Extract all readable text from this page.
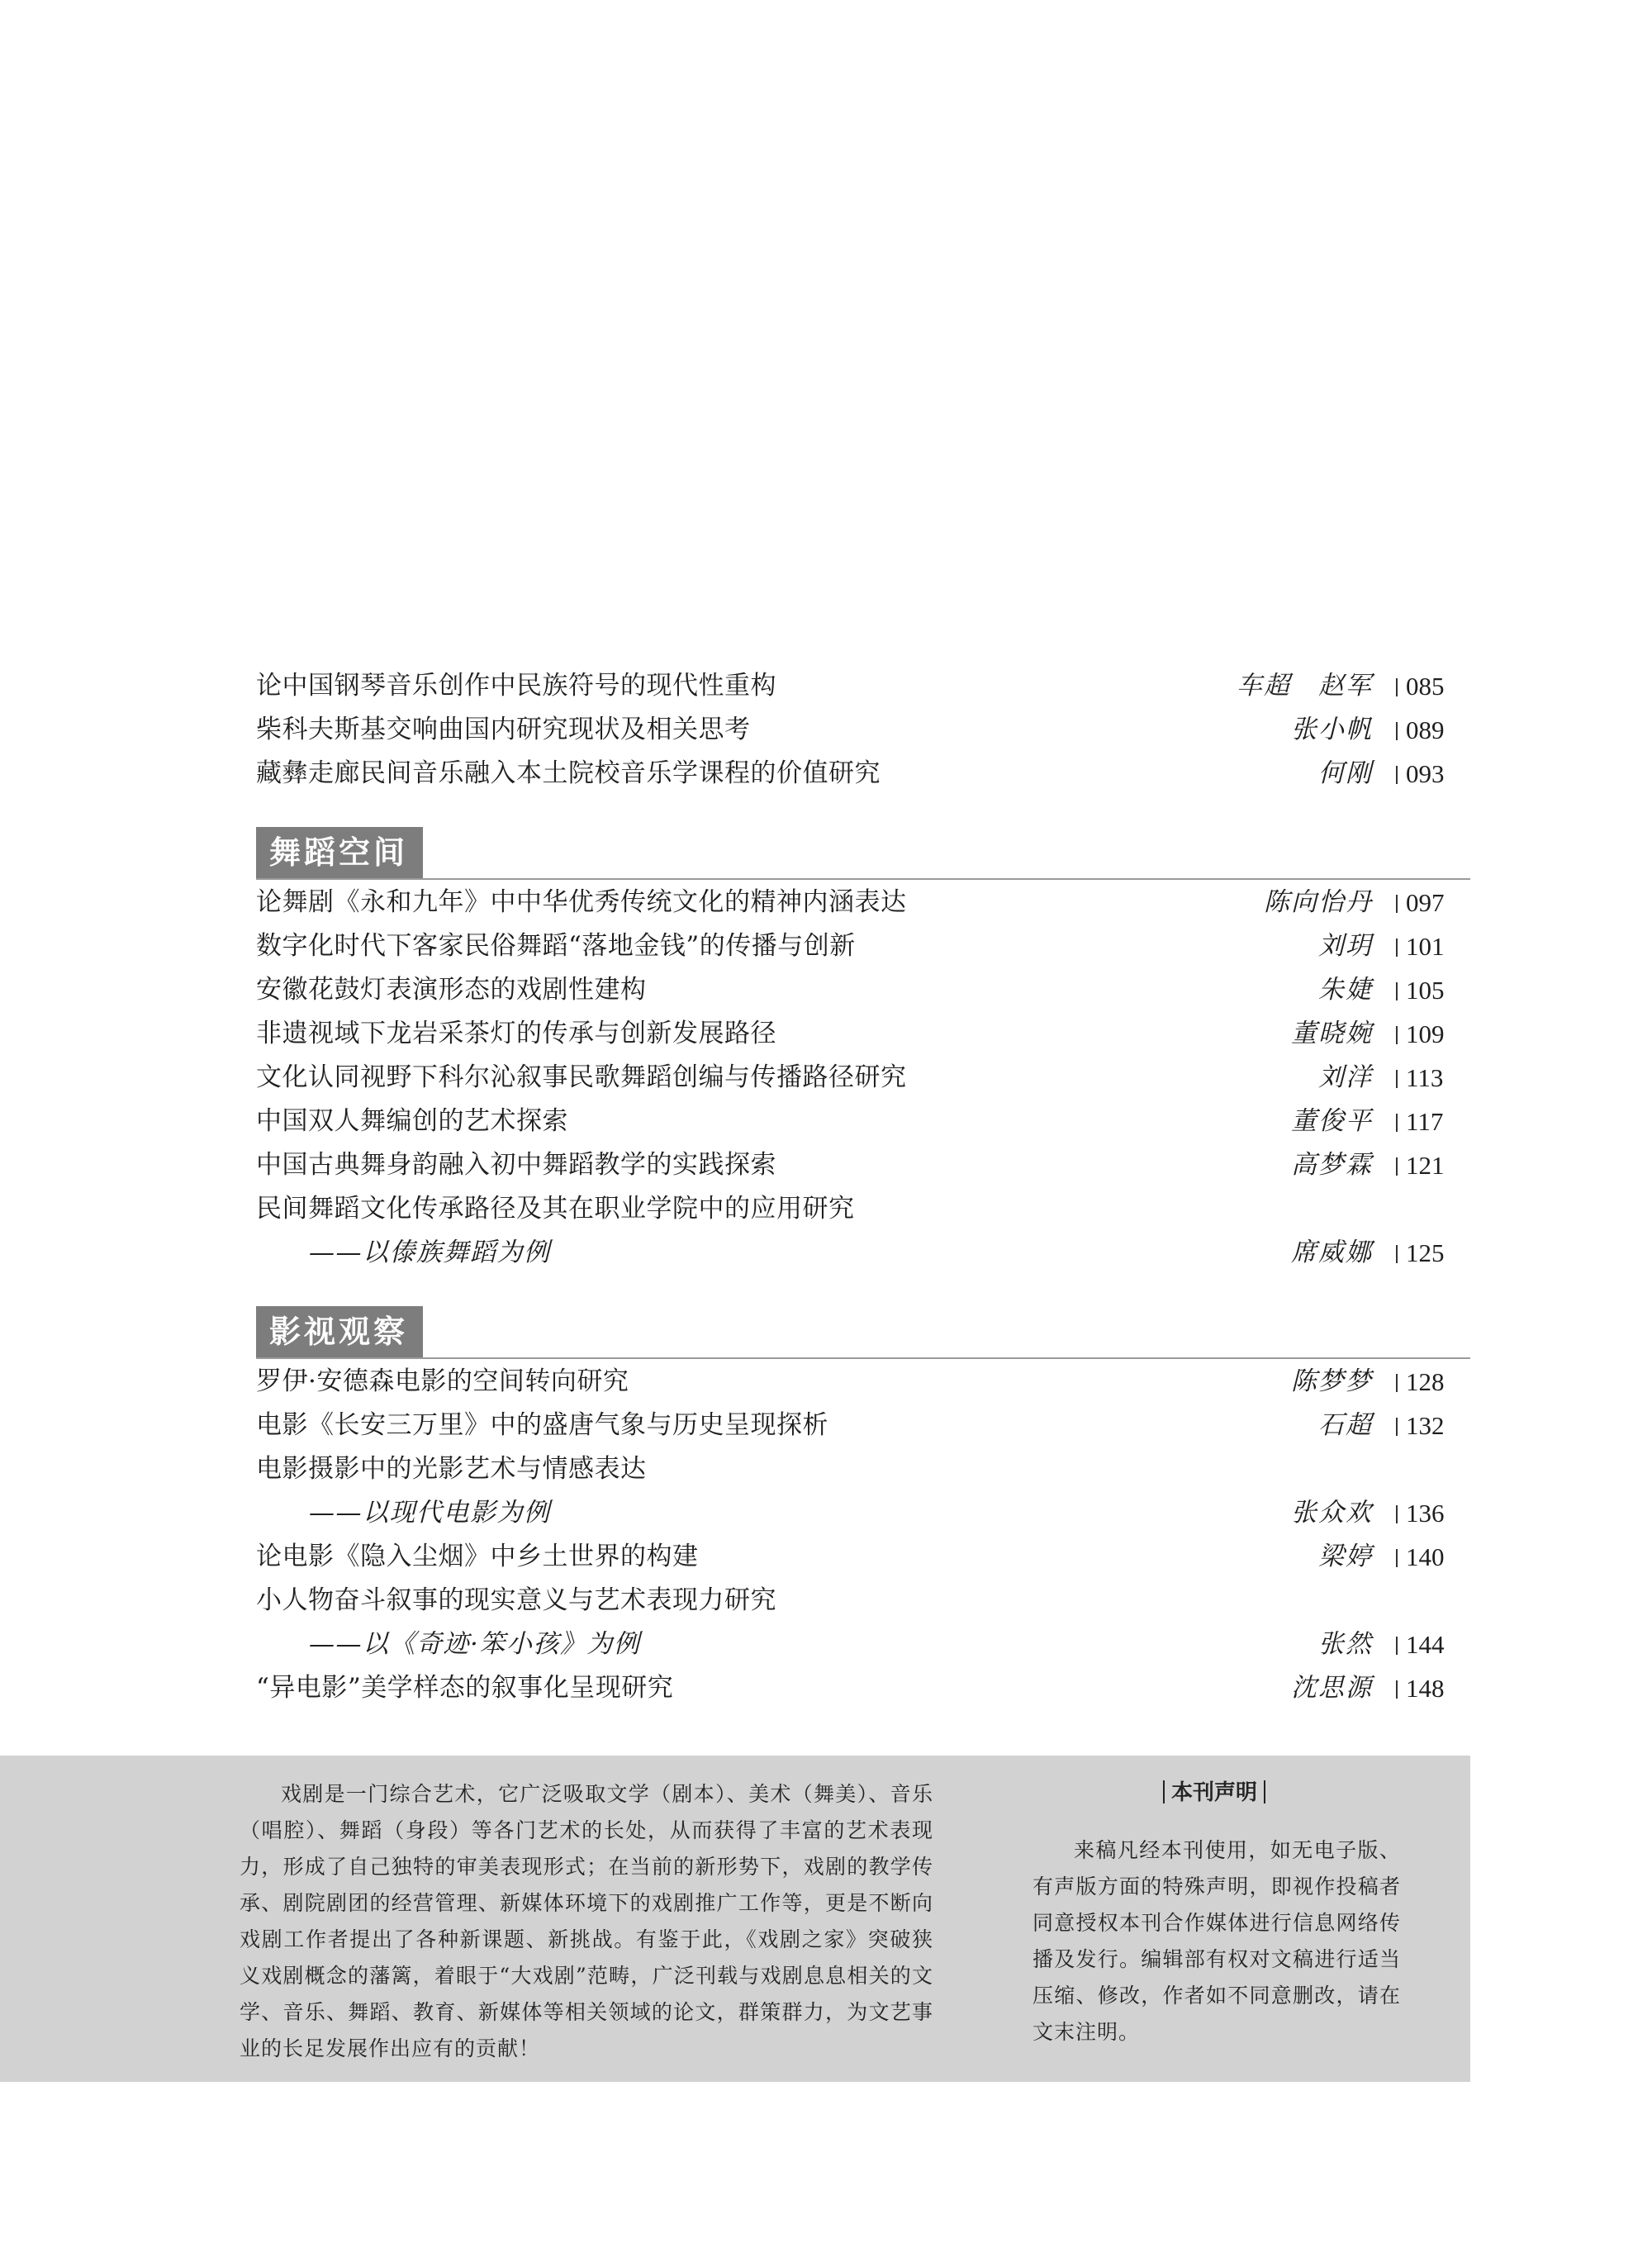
论中国钢琴音乐创作中民族符号的现代性重构	车超　赵军	085
柴科夫斯基交响曲国内研究现状及相关思考	张小帆	089
藏彝走廊民间音乐融入本土院校音乐学课程的价值研究	何刚	093
舞蹈空间
论舞剧《永和九年》中中华优秀传统文化的精神内涵表达	陈向怡丹	097
数字化时代下客家民俗舞蹈“落地金钱”的传播与创新	刘玥	101
安徽花鼓灯表演形态的戏剧性建构	朱婕	105
非遗视域下龙岩采茶灯的传承与创新发展路径	董晓婉	109
文化认同视野下科尔沁叙事民歌舞蹈创编与传播路径研究	刘洋	113
中国双人舞编创的艺术探索	董俊平	117
中国古典舞身韵融入初中舞蹈教学的实践探索	高梦霖	121
民间舞蹈文化传承路径及其在职业学院中的应用研究
——以傣族舞蹈为例	席威娜	125
影视观察
罗伊·安德森电影的空间转向研究	陈梦梦	128
电影《长安三万里》中的盛唐气象与历史呈现探析	石超	132
电影摄影中的光影艺术与情感表达
——以现代电影为例	张众欢	136
论电影《隐入尘烟》中乡土世界的构建	梁婷	140
小人物奋斗叙事的现实意义与艺术表现力研究
——以《奇迹·笨小孩》为例	张然	144
“异电影”美学样态的叙事化呈现研究	沈思源	148
戏剧是一门综合艺术，它广泛吸取文学（剧本）、美术（舞美）、音乐（唱腔）、舞蹈（身段）等各门艺术的长处，从而获得了丰富的艺术表现力，形成了自己独特的审美表现形式；在当前的新形势下，戏剧的教学传承、剧院剧团的经营管理、新媒体环境下的戏剧推广工作等，更是不断向戏剧工作者提出了各种新课题、新挑战。有鉴于此，《戏剧之家》突破狭义戏剧概念的藩篱，着眼于“大戏剧”范畴，广泛刊载与戏剧息息相关的文学、音乐、舞蹈、教育、新媒体等相关领域的论文，群策群力，为文艺事业的长足发展作出应有的贡献！
本刊声明
来稿凡经本刊使用，如无电子版、有声版方面的特殊声明，即视作投稿者同意授权本刊合作媒体进行信息网络传播及发行。编辑部有权对文稿进行适当压缩、修改，作者如不同意删改，请在文末注明。
